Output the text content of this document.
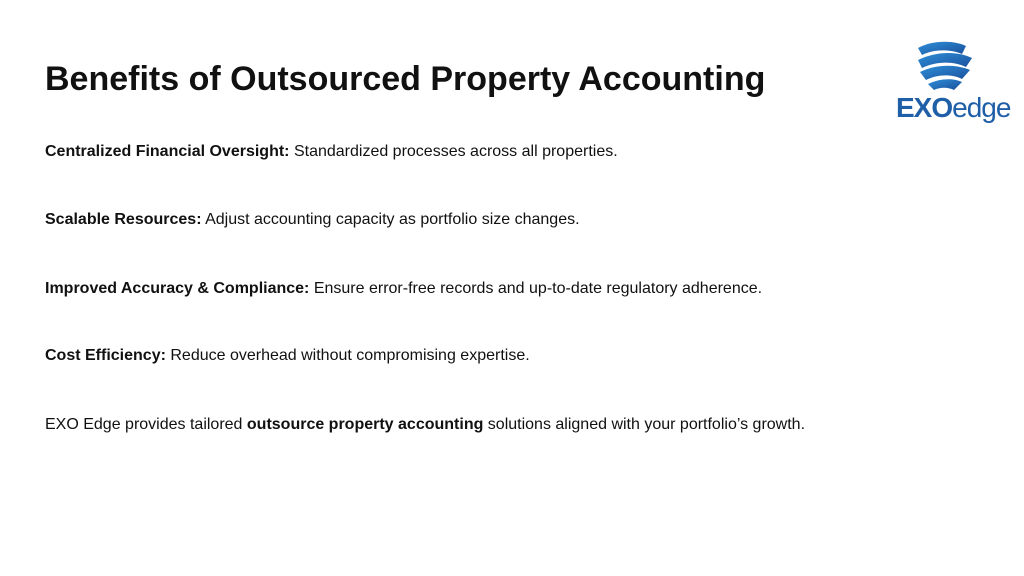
Benefits of Outsourced Property Accounting
EXOedge

Centralized Financial Oversight: Standardized processes across all properties.

Scalable Resources: Adjust accounting capacity as portfolio size changes.

Improved Accuracy & Compliance: Ensure error-free records and up-to-date regulatory adherence.

Cost Efficiency: Reduce overhead without compromising expertise.

EXO Edge provides tailored outsource property accounting solutions aligned with your portfolio’s growth.
